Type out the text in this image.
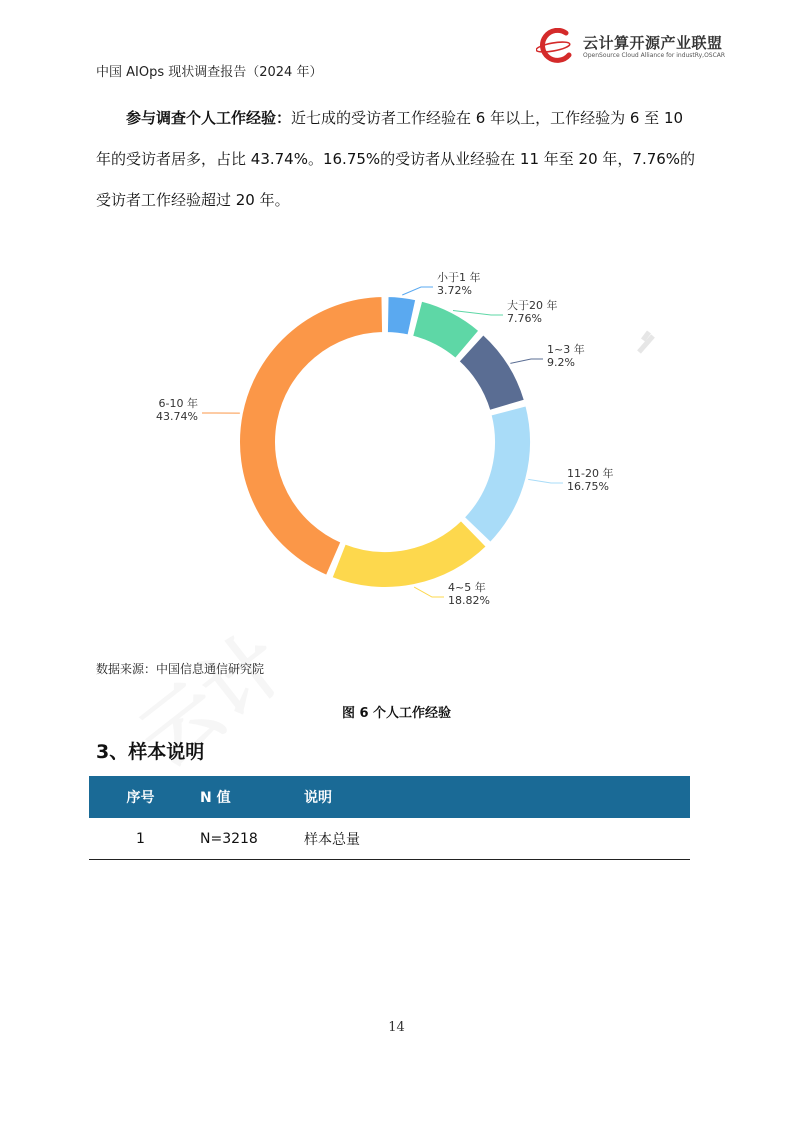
中国 AIOps 现状调查报告（2024 年）
云计算开源产业联盟
OpenSource Cloud Alliance for industRy,OSCAR
参与调查个人工作经验：近七成的受访者工作经验在 6 年以上，工作经验为 6 至 10 年的受访者居多，占比 43.74%。16.75%的受访者从业经验在 11 年至 20 年，7.76%的受访者工作经验超过 20 年。
小于1 年
3.72%
大于20 年
7.76%
1~3 年
9.2%
11-20 年
16.75%
4~5 年
18.82%
6-10 年
43.74%
数据来源：中国信息通信研究院
图 6 个人工作经验
3、样本说明
序号	N 值	说明
1	N=3218	样本总量
14
